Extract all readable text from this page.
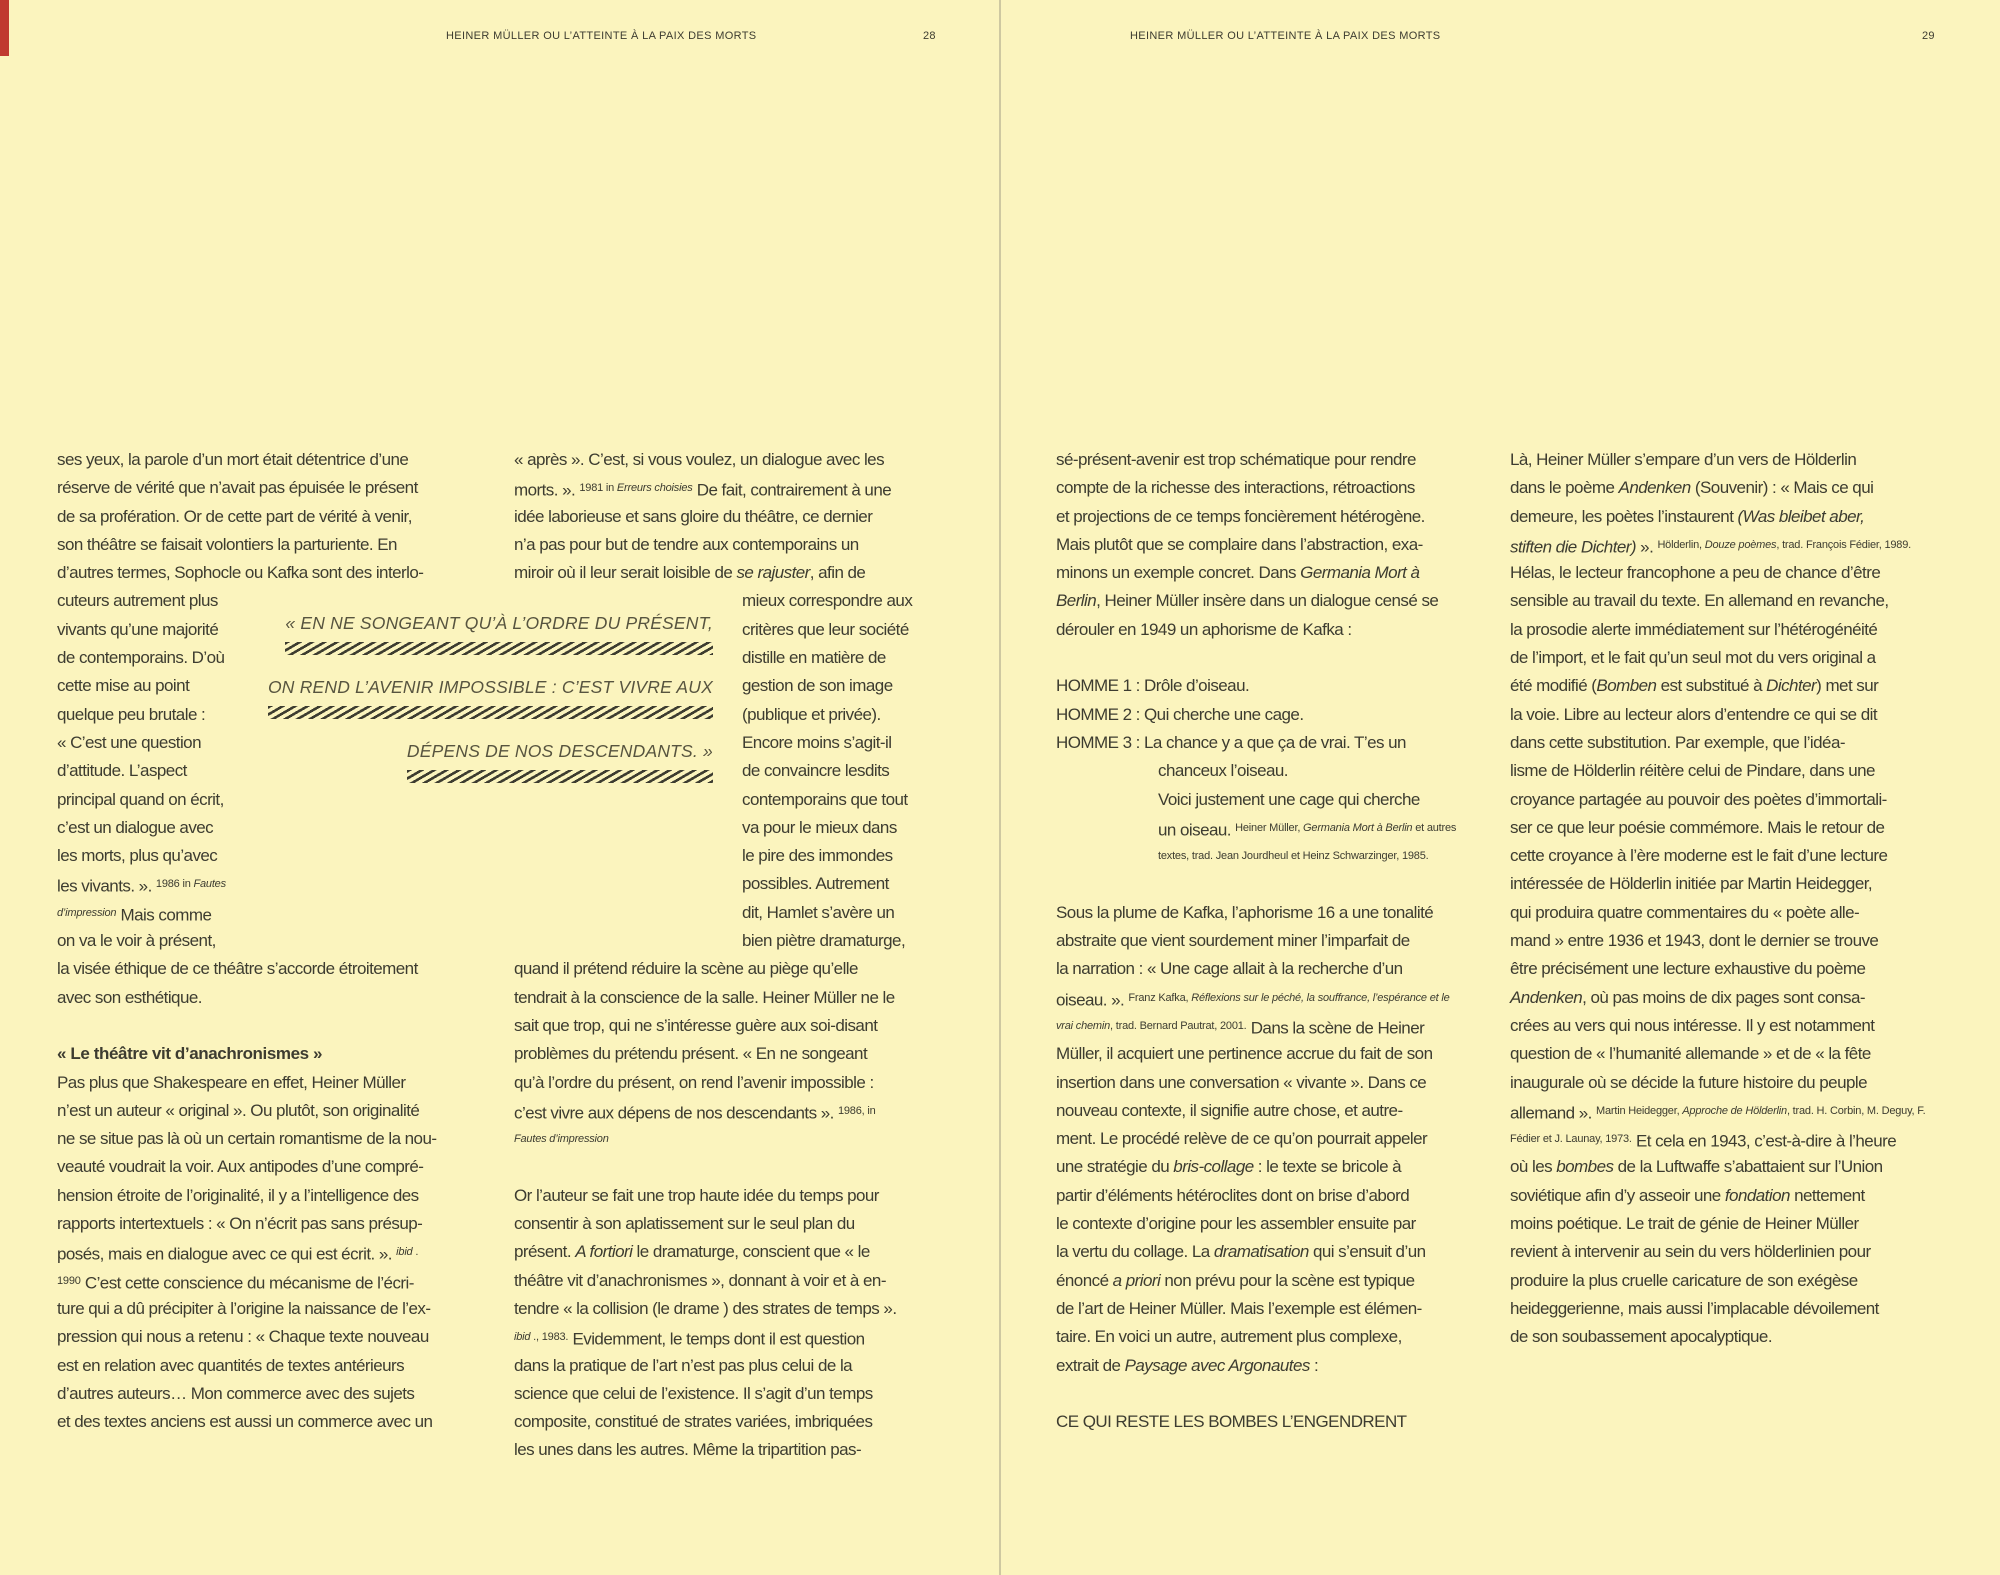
HEINER MÜLLER OU L’ATTEINTE À LA PAIX DES MORTS	28	HEINER MÜLLER OU L’ATTEINTE À LA PAIX DES MORTS	29
ses yeux, la parole d’un mort était détentrice d’une
réserve de vérité que n’avait pas épuisée le présent
de sa profération. Or de cette part de vérité à venir,
son théâtre se faisait volontiers la parturiente. En
d’autres termes, Sophocle ou Kafka sont des interlo-
cuteurs autrement plus
vivants qu’une majorité
de contemporains. D’où
cette mise au point
quelque peu brutale :
« C’est une question
d’attitude. L’aspect
principal quand on écrit,
c’est un dialogue avec
les morts, plus qu’avec
les vivants. ». $^{1986 in Fautes}$
$^{d’impression}$ Mais comme
on va le voir à présent,
la visée éthique de ce théâtre s’accorde étroitement
avec son esthétique.

« Le théâtre vit d’anachronismes »
Pas plus que Shakespeare en effet, Heiner Müller
n’est un auteur « original ». Ou plutôt, son originalité
ne se situe pas là où un certain romantisme de la nou-
veauté voudrait la voir. Aux antipodes d’une compré-
hension étroite de l’originalité, il y a l’intelligence des
rapports intertextuels : « On n’écrit pas sans présup-
posés, mais en dialogue avec ce qui est écrit. ». $^{ibid .}$
$^{1990}$ C’est cette conscience du mécanisme de l’écri-
ture qui a dû précipiter à l’origine la naissance de l’ex-
pression qui nous a retenu : « Chaque texte nouveau
est en relation avec quantités de textes antérieurs
d’autres auteurs… Mon commerce avec des sujets
et des textes anciens est aussi un commerce avec un
« après ». C’est, si vous voulez, un dialogue avec les
morts. ». $^{1981 in Erreurs choisies}$ De fait, contrairement à une
idée laborieuse et sans gloire du théâtre, ce dernier
n’a pas pour but de tendre aux contemporains un
miroir où il leur serait loisible de se rajuster, afin de
mieux correspondre aux
critères que leur société
distille en matière de
gestion de son image
(publique et privée).
Encore moins s’agit-il
de convaincre lesdits
contemporains que tout
va pour le mieux dans
le pire des immondes
possibles. Autrement
dit, Hamlet s’avère un
bien piètre dramaturge,
quand il prétend réduire la scène au piège qu’elle
tendrait à la conscience de la salle. Heiner Müller ne le
sait que trop, qui ne s’intéresse guère aux soi-disant
problèmes du prétendu présent. « En ne songeant
qu’à l’ordre du présent, on rend l’avenir impossible :
c’est vivre aux dépens de nos descendants ». $^{1986, in}$
$^{Fautes d’impression}$

Or l’auteur se fait une trop haute idée du temps pour
consentir à son aplatissement sur le seul plan du
présent. A fortiori le dramaturge, conscient que « le
théâtre vit d’anachronismes », donnant à voir et à en-
tendre « la collision (le drame ) des strates de temps ».
$^{ibid ., 1983.}$ Evidemment, le temps dont il est question
dans la pratique de l’art n’est pas plus celui de la
science que celui de l’existence. Il s’agit d’un temps
composite, constitué de strates variées, imbriquées
les unes dans les autres. Même la tripartition pas-
« EN NE SONGEANT QU’À L’ORDRE DU PRÉSENT,
ON REND L’AVENIR IMPOSSIBLE : C’EST VIVRE AUX
DÉPENS DE NOS DESCENDANTS. »
sé-présent-avenir est trop schématique pour rendre
compte de la richesse des interactions, rétroactions
et projections de ce temps foncièrement hétérogène.
Mais plutôt que se complaire dans l’abstraction, exa-
minons un exemple concret. Dans Germania Mort à
Berlin, Heiner Müller insère dans un dialogue censé se
dérouler en 1949 un aphorisme de Kafka :

HOMME 1 : Drôle d’oiseau.
HOMME 2 : Qui cherche une cage.
HOMME 3 : La chance y a que ça de vrai. T’es un
chanceux l’oiseau.
Voici justement une cage qui cherche
un oiseau. $^{Heiner Müller, Germania Mort à Berlin et autres}$
$^{textes, trad. Jean Jourdheul et Heinz Schwarzinger, 1985.}$

Sous la plume de Kafka, l’aphorisme 16 a une tonalité
abstraite que vient sourdement miner l’imparfait de
la narration : « Une cage allait à la recherche d’un
oiseau. ». $^{Franz Kafka, Réflexions sur le péché, la souffrance, l’espérance et le}$
$^{vrai chemin, trad. Bernard Pautrat, 2001.}$ Dans la scène de Heiner
Müller, il acquiert une pertinence accrue du fait de son
insertion dans une conversation « vivante ». Dans ce
nouveau contexte, il signifie autre chose, et autre-
ment. Le procédé relève de ce qu’on pourrait appeler
une stratégie du bris-collage : le texte se bricole à
partir d’éléments hétéroclites dont on brise d’abord
le contexte d’origine pour les assembler ensuite par
la vertu du collage. La dramatisation qui s’ensuit d’un
énoncé a priori non prévu pour la scène est typique
de l’art de Heiner Müller. Mais l’exemple est élémen-
taire. En voici un autre, autrement plus complexe,
extrait de Paysage avec Argonautes :

CE QUI RESTE LES BOMBES L’ENGENDRENT
Là, Heiner Müller s’empare d’un vers de Hölderlin
dans le poème Andenken (Souvenir) : « Mais ce qui
demeure, les poètes l’instaurent (Was bleibet aber,
stiften die Dichter) ». $^{Hölderlin, Douze poèmes, trad. François Fédier, 1989.}$
Hélas, le lecteur francophone a peu de chance d’être
sensible au travail du texte. En allemand en revanche,
la prosodie alerte immédiatement sur l’hétérogénéité
de l’import, et le fait qu’un seul mot du vers original a
été modifié (Bomben est substitué à Dichter) met sur
la voie. Libre au lecteur alors d’entendre ce qui se dit
dans cette substitution. Par exemple, que l’idéa-
lisme de Hölderlin réitère celui de Pindare, dans une
croyance partagée au pouvoir des poètes d’immortali-
ser ce que leur poésie commémore. Mais le retour de
cette croyance à l’ère moderne est le fait d’une lecture
intéressée de Hölderlin initiée par Martin Heidegger,
qui produira quatre commentaires du « poète alle-
mand » entre 1936 et 1943, dont le dernier se trouve
être précisément une lecture exhaustive du poème
Andenken, où pas moins de dix pages sont consa-
crées au vers qui nous intéresse. Il y est notamment
question de « l’humanité allemande » et de « la fête
inaugurale où se décide la future histoire du peuple
allemand ». $^{Martin Heidegger, Approche de Hölderlin, trad. H. Corbin, M. Deguy, F.}$
$^{Fédier et J. Launay, 1973.}$ Et cela en 1943, c’est-à-dire à l’heure
où les bombes de la Luftwaffe s’abattaient sur l’Union
soviétique afin d’y asseoir une fondation nettement
moins poétique. Le trait de génie de Heiner Müller
revient à intervenir au sein du vers hölderlinien pour
produire la plus cruelle caricature de son exégèse
heideggerienne, mais aussi l’implacable dévoilement
de son soubassement apocalyptique.
